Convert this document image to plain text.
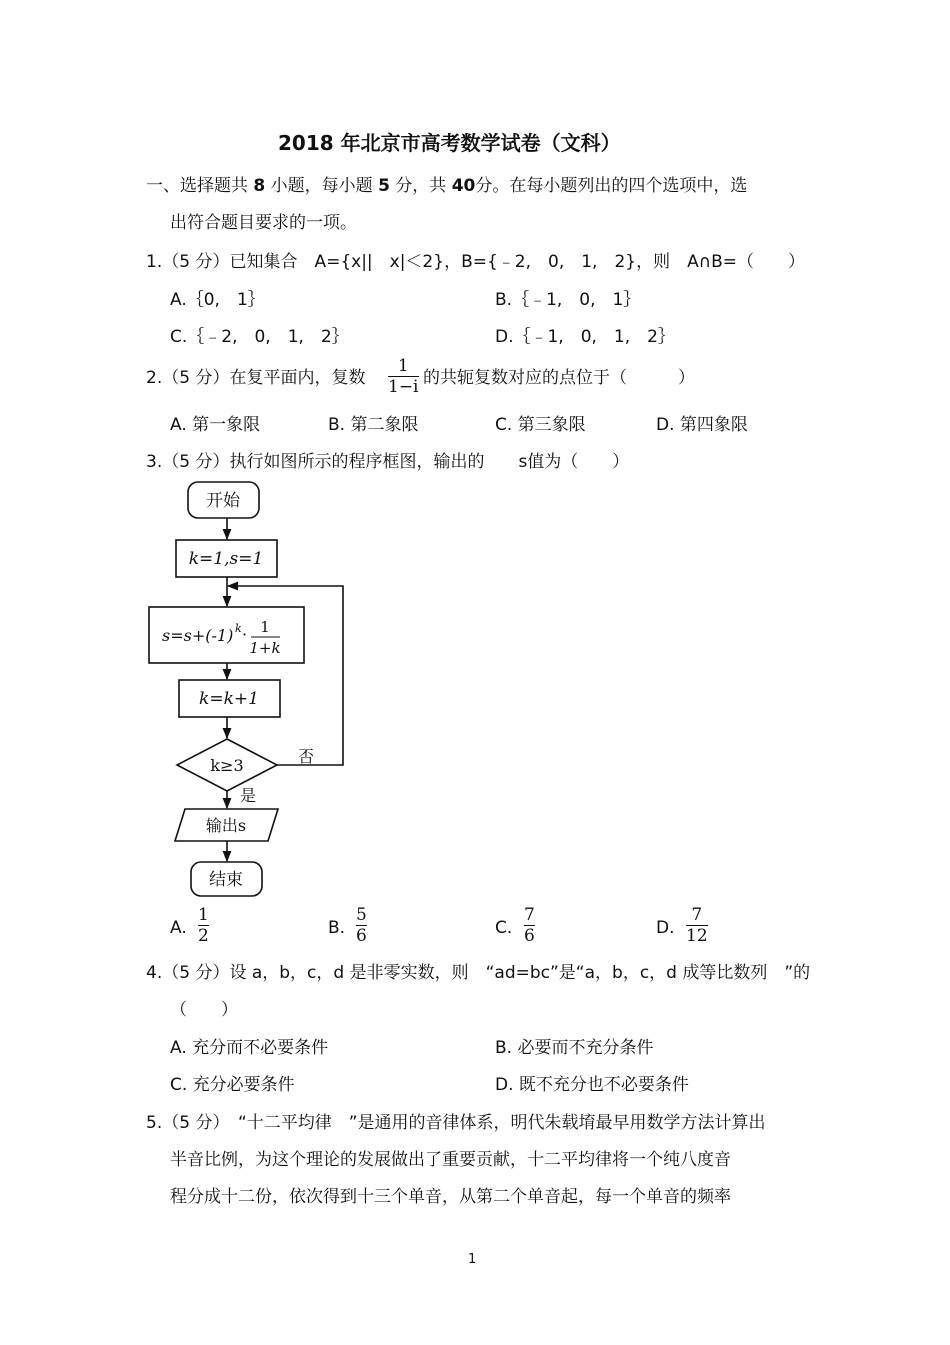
2018 年北京市高考数学试卷（文科）
一、选择题共 8 小题，每小题 5 分，共 40分。在每小题列出的四个选项中，选
出符合题目要求的一项。
1.（5 分）已知集合　A={x||　x|＜2}，B={﹣2,　0,　1,　2}，则　A∩B=（　　）
A.｛0,　1｝	B.｛﹣1,　0,　1｝
C.｛﹣2,　0,　1,　2｝	D.｛﹣1,　0,　1,　2｝
2.（5 分）在复平面内，复数
1
1−i 的共轭复数对应的点位于（　　　）
A. 第一象限	B. 第二象限	C. 第三象限	D. 第四象限
3.（5 分）执行如图所示的程序框图，输出的　　s值为（　　）
开始
k=1,s=1
s=s+(-1) k · 1
1+k
k=k+1
k≥3	否
是
输出s
结束
A.
1
2	B.
5
6	C.
7
6	D.
7
12
4.（5 分）设 a，b，c，d 是非零实数，则　“ad=bc”是“a，b，c，d 成等比数列　”的
（　　）
A. 充分而不必要条件	B. 必要而不充分条件
C. 充分必要条件	D. 既不充分也不必要条件
5.（5 分）　“十二平均律　”是通用的音律体系，明代朱载堉最早用数学方法计算出
半音比例，为这个理论的发展做出了重要贡献，十二平均律将一个纯八度音
程分成十二份，依次得到十三个单音，从第二个单音起，每一个单音的频率
1
